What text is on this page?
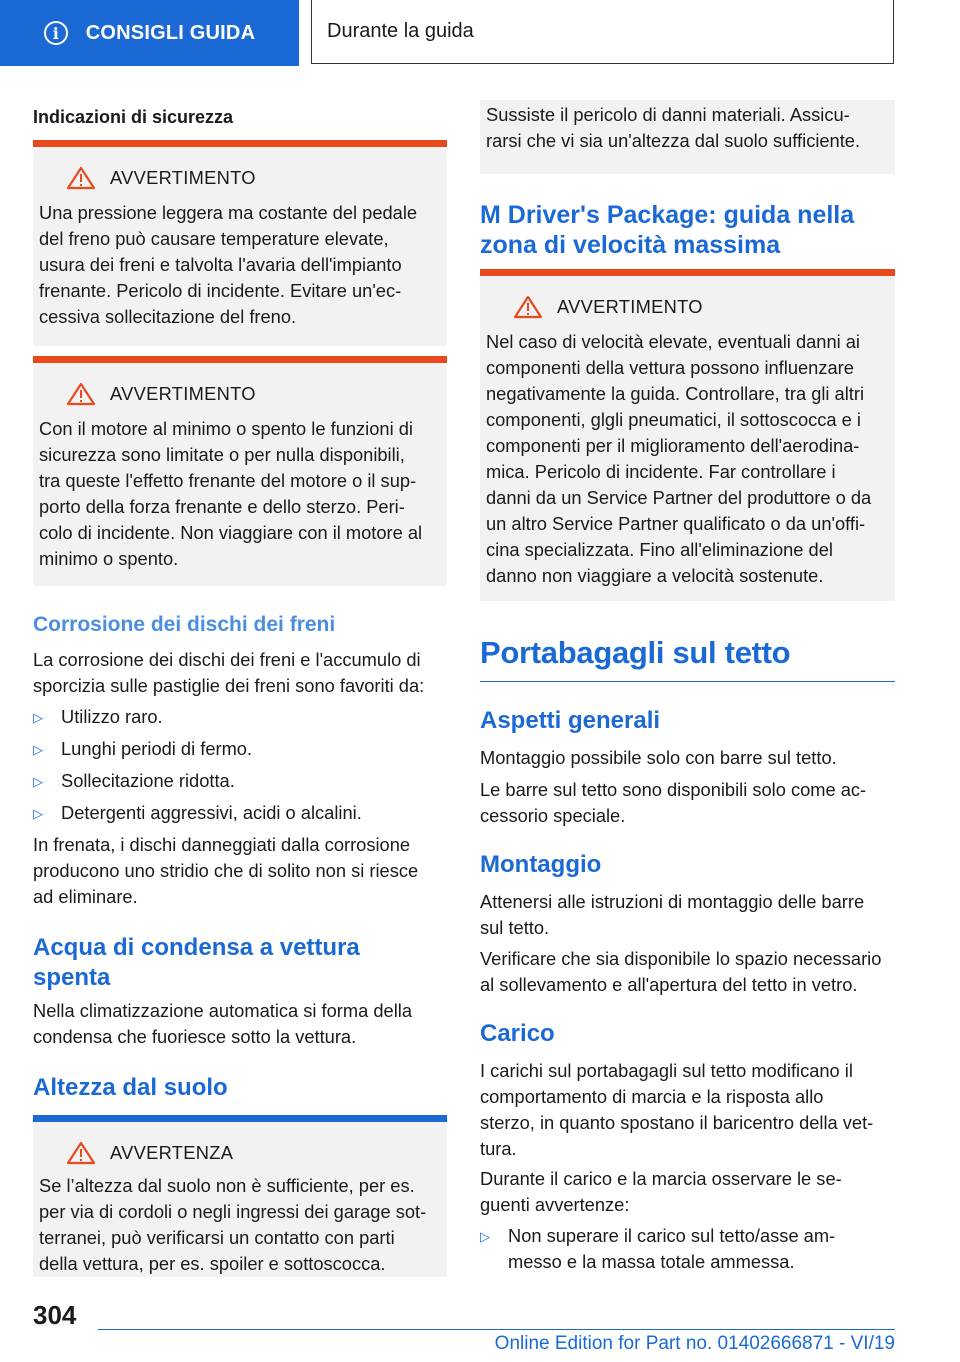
i	CONSIGLI GUIDA	Durante la guida

Indicazioni di sicurezza

AVVERTIMENTO

Una pressione leggera ma costante del pedale
del freno può causare temperature elevate,
usura dei freni e talvolta l'avaria dell'impianto
frenante. Pericolo di incidente. Evitare un'ec-
cessiva sollecitazione del freno.

AVVERTIMENTO

Con il motore al minimo o spento le funzioni di
sicurezza sono limitate o per nulla disponibili,
tra queste l'effetto frenante del motore o il sup-
porto della forza frenante e dello sterzo. Peri-
colo di incidente. Non viaggiare con il motore al
minimo o spento.

Corrosione dei dischi dei freni

La corrosione dei dischi dei freni e l'accumulo di
sporcizia sulle pastiglie dei freni sono favoriti da:

▷ Utilizzo raro.
▷ Lunghi periodi di fermo.
▷ Sollecitazione ridotta.
▷ Detergenti aggressivi, acidi o alcalini.

In frenata, i dischi danneggiati dalla corrosione
producono uno stridio che di solito non si riesce
ad eliminare.

Acqua di condensa a vettura
spenta

Nella climatizzazione automatica si forma della
condensa che fuoriesce sotto la vettura.

Altezza dal suolo

AVVERTENZA

Se l’altezza dal suolo non è sufficiente, per es.
per via di cordoli o negli ingressi dei garage sot-
terranei, può verificarsi un contatto con parti
della vettura, per es. spoiler e sottoscocca.

Sussiste il pericolo di danni materiali. Assicu-
rarsi che vi sia un'altezza dal suolo sufficiente.

M Driver's Package: guida nella
zona di velocità massima

AVVERTIMENTO

Nel caso di velocità elevate, eventuali danni ai
componenti della vettura possono influenzare
negativamente la guida. Controllare, tra gli altri
componenti, glgli pneumatici, il sottoscocca e i
componenti per il miglioramento dell'aerodina-
mica. Pericolo di incidente. Far controllare i
danni da un Service Partner del produttore o da
un altro Service Partner qualificato o da un'offi-
cina specializzata. Fino all'eliminazione del
danno non viaggiare a velocità sostenute.

Portabagagli sul tetto

Aspetti generali

Montaggio possibile solo con barre sul tetto.

Le barre sul tetto sono disponibili solo come ac-
cessorio speciale.

Montaggio

Attenersi alle istruzioni di montaggio delle barre
sul tetto.

Verificare che sia disponibile lo spazio necessario
al sollevamento e all'apertura del tetto in vetro.

Carico

I carichi sul portabagagli sul tetto modificano il
comportamento di marcia e la risposta allo
sterzo, in quanto spostano il baricentro della vet-
tura.

Durante il carico e la marcia osservare le se-
guenti avvertenze:

▷ Non superare il carico sul tetto/asse am-
messo e la massa totale ammessa.
304
Online Edition for Part no. 01402666871 - VI/19
